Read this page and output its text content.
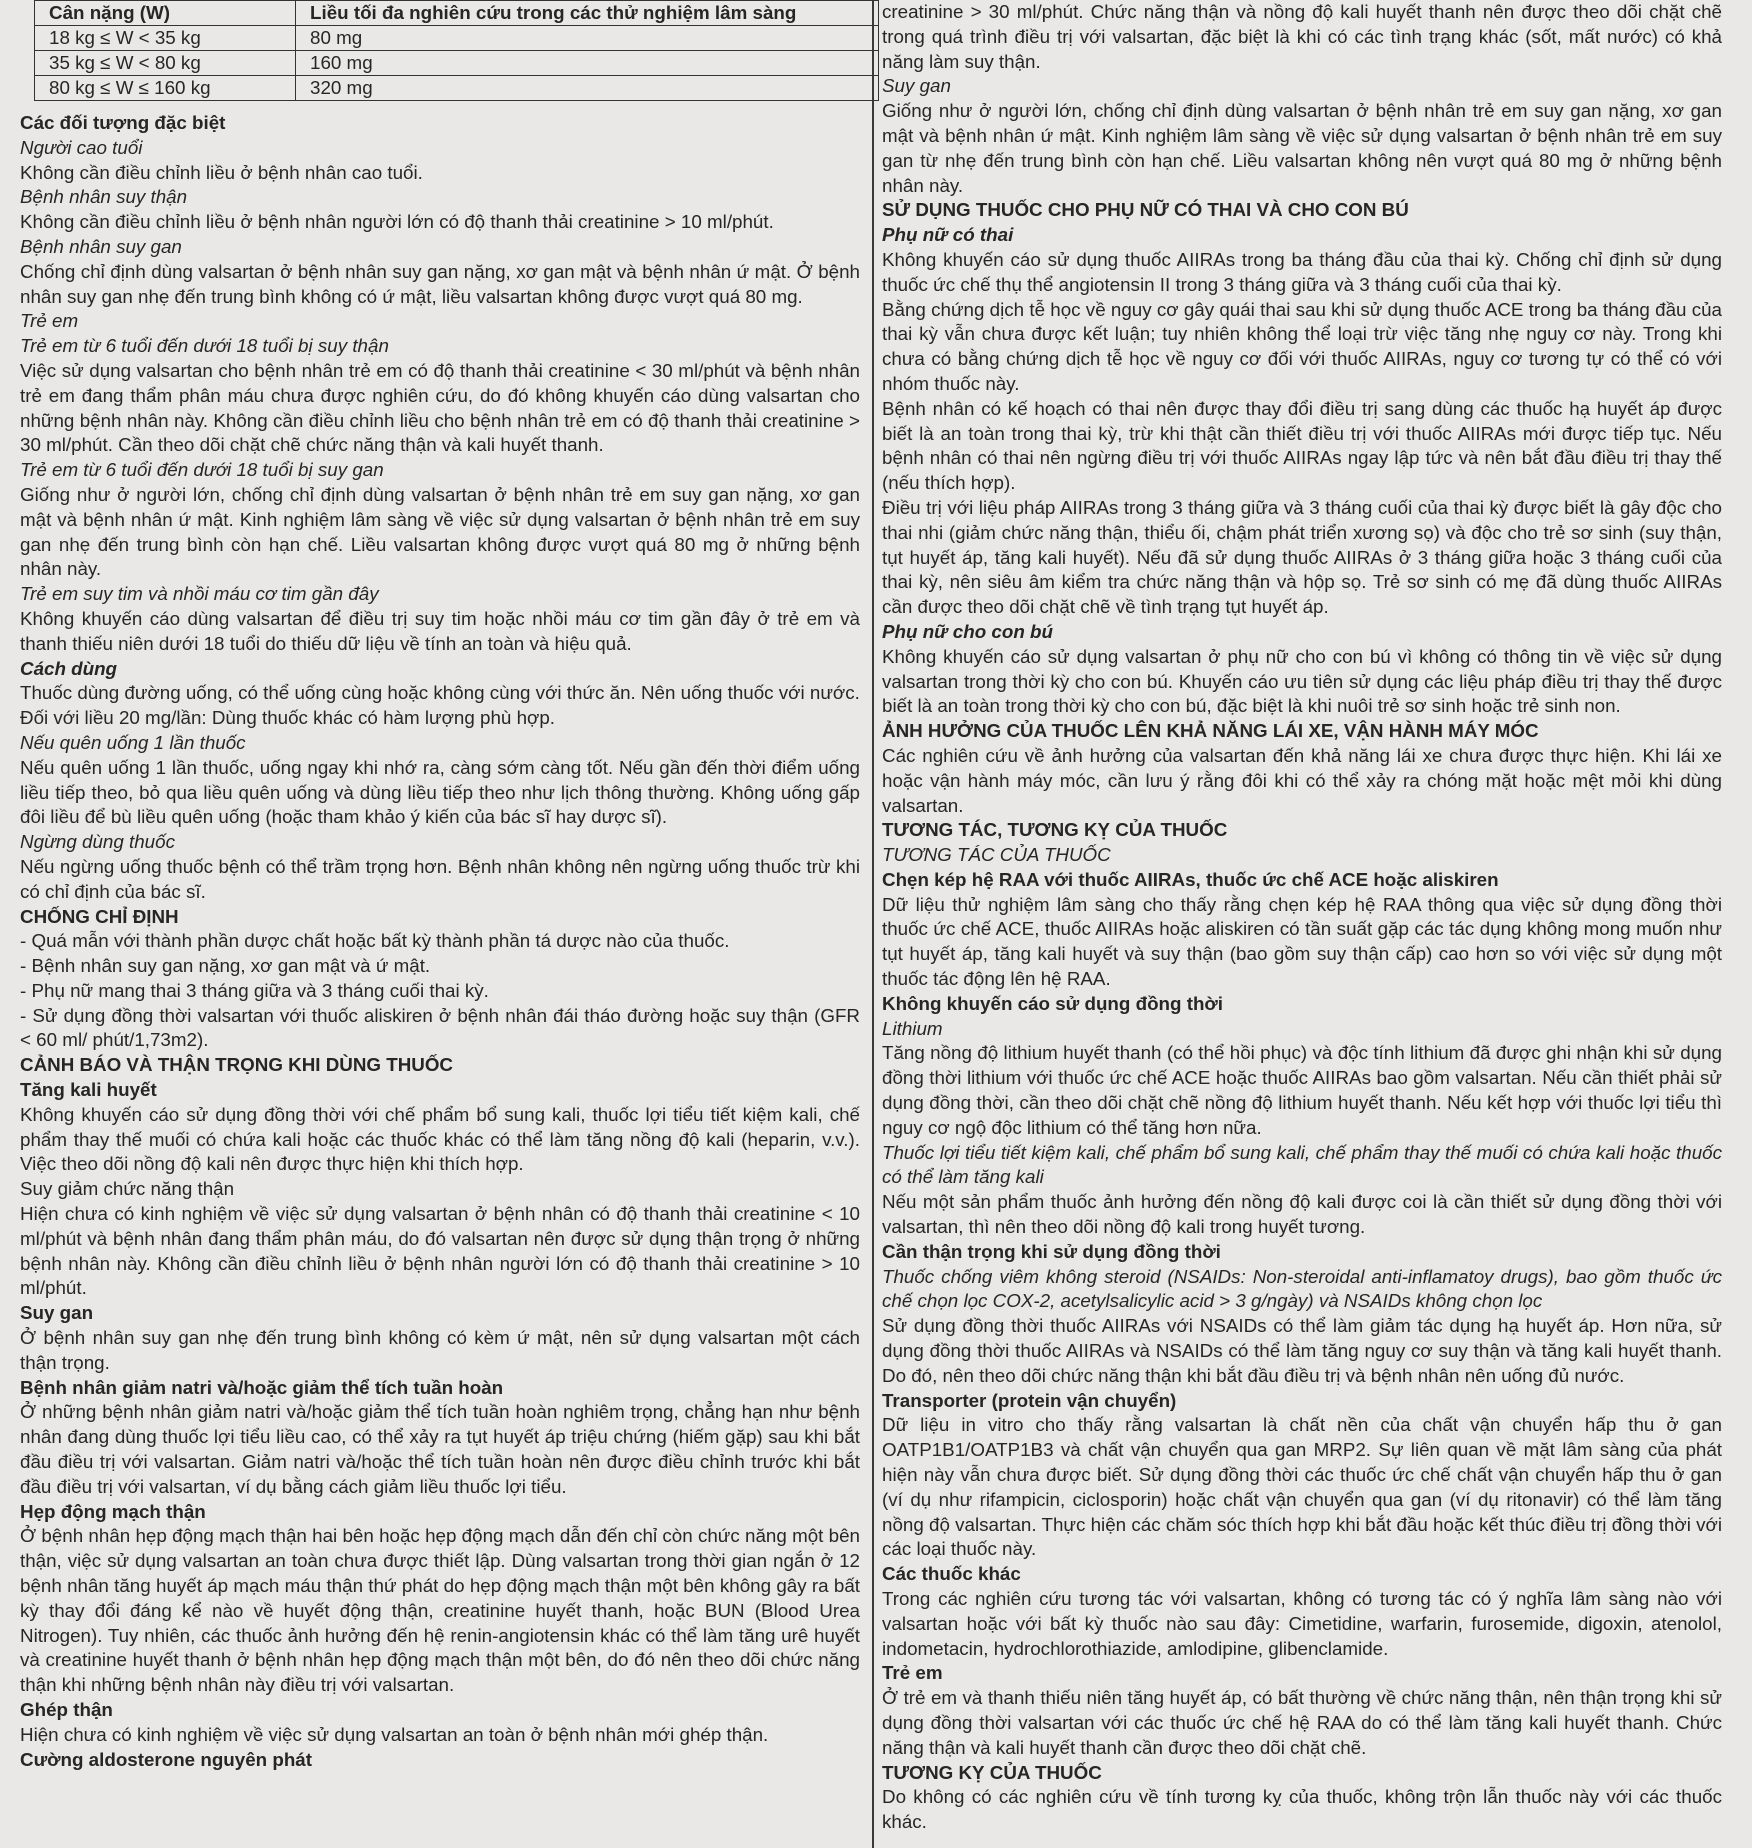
Cân nặng (W)	Liều tối đa nghiên cứu trong các thử nghiệm lâm sàng
18 kg ≤ W < 35 kg	80 mg
35 kg ≤ W < 80 kg	160 mg
80 kg ≤ W ≤ 160 kg	320 mg
Các đối tượng đặc biệt
Người cao tuổi

Không cần điều chỉnh liều ở bệnh nhân cao tuổi.

Bệnh nhân suy thận

Không cần điều chỉnh liều ở bệnh nhân người lớn có độ thanh thải creatinine > 10 ml/phút.

Bệnh nhân suy gan

Chống chỉ định dùng valsartan ở bệnh nhân suy gan nặng, xơ gan mật và bệnh nhân ứ mật. Ở bệnh nhân suy gan nhẹ đến trung bình không có ứ mật, liều valsartan không được vượt quá 80 mg.

Trẻ em
Trẻ em từ 6 tuổi đến dưới 18 tuổi bị suy thận

Việc sử dụng valsartan cho bệnh nhân trẻ em có độ thanh thải creatinine < 30 ml/phút và bệnh nhân trẻ em đang thẩm phân máu chưa được nghiên cứu, do đó không khuyến cáo dùng valsartan cho những bệnh nhân này. Không cần điều chỉnh liều cho bệnh nhân trẻ em có độ thanh thải creatinine > 30 ml/phút. Cần theo dõi chặt chẽ chức năng thận và kali huyết thanh.

Trẻ em từ 6 tuổi đến dưới 18 tuổi bị suy gan

Giống như ở người lớn, chống chỉ định dùng valsartan ở bệnh nhân trẻ em suy gan nặng, xơ gan mật và bệnh nhân ứ mật. Kinh nghiệm lâm sàng về việc sử dụng valsartan ở bệnh nhân trẻ em suy gan nhẹ đến trung bình còn hạn chế. Liều valsartan không được vượt quá 80 mg ở những bệnh nhân này.

Trẻ em suy tim và nhồi máu cơ tim gần đây

Không khuyến cáo dùng valsartan để điều trị suy tim hoặc nhồi máu cơ tim gần đây ở trẻ em và thanh thiếu niên dưới 18 tuổi do thiếu dữ liệu về tính an toàn và hiệu quả.

Cách dùng

Thuốc dùng đường uống, có thể uống cùng hoặc không cùng với thức ăn. Nên uống thuốc với nước.

Đối với liều 20 mg/lần: Dùng thuốc khác có hàm lượng phù hợp.

Nếu quên uống 1 lần thuốc

Nếu quên uống 1 lần thuốc, uống ngay khi nhớ ra, càng sớm càng tốt. Nếu gần đến thời điểm uống liều tiếp theo, bỏ qua liều quên uống và dùng liều tiếp theo như lịch thông thường. Không uống gấp đôi liều để bù liều quên uống (hoặc tham khảo ý kiến của bác sĩ hay dược sĩ).

Ngừng dùng thuốc

Nếu ngừng uống thuốc bệnh có thể trầm trọng hơn. Bệnh nhân không nên ngừng uống thuốc trừ khi có chỉ định của bác sĩ.

CHỐNG CHỈ ĐỊNH

- Quá mẫn với thành phần dược chất hoặc bất kỳ thành phần tá dược nào của thuốc.

- Bệnh nhân suy gan nặng, xơ gan mật và ứ mật.

- Phụ nữ mang thai 3 tháng giữa và 3 tháng cuối thai kỳ.

- Sử dụng đồng thời valsartan với thuốc aliskiren ở bệnh nhân đái tháo đường hoặc suy thận (GFR < 60 ml/ phút/1,73m2).

CẢNH BÁO VÀ THẬN TRỌNG KHI DÙNG THUỐC
Tăng kali huyết

Không khuyến cáo sử dụng đồng thời với chế phẩm bổ sung kali, thuốc lợi tiểu tiết kiệm kali, chế phẩm thay thế muối có chứa kali hoặc các thuốc khác có thể làm tăng nồng độ kali (heparin, v.v.). Việc theo dõi nồng độ kali nên được thực hiện khi thích hợp.

Suy giảm chức năng thận

Hiện chưa có kinh nghiệm về việc sử dụng valsartan ở bệnh nhân có độ thanh thải creatinine < 10 ml/phút và bệnh nhân đang thẩm phân máu, do đó valsartan nên được sử dụng thận trọng ở những bệnh nhân này. Không cần điều chỉnh liều ở bệnh nhân người lớn có độ thanh thải creatinine > 10 ml/phút.

Suy gan

Ở bệnh nhân suy gan nhẹ đến trung bình không có kèm ứ mật, nên sử dụng valsartan một cách thận trọng.

Bệnh nhân giảm natri và/hoặc giảm thể tích tuần hoàn

Ở những bệnh nhân giảm natri và/hoặc giảm thể tích tuần hoàn nghiêm trọng, chẳng hạn như bệnh nhân đang dùng thuốc lợi tiểu liều cao, có thể xảy ra tụt huyết áp triệu chứng (hiếm gặp) sau khi bắt đầu điều trị với valsartan. Giảm natri và/hoặc thể tích tuần hoàn nên được điều chỉnh trước khi bắt đầu điều trị với valsartan, ví dụ bằng cách giảm liều thuốc lợi tiểu.

Hẹp động mạch thận

Ở bệnh nhân hẹp động mạch thận hai bên hoặc hẹp động mạch dẫn đến chỉ còn chức năng một bên thận, việc sử dụng valsartan an toàn chưa được thiết lập. Dùng valsartan trong thời gian ngắn ở 12 bệnh nhân tăng huyết áp mạch máu thận thứ phát do hẹp động mạch thận một bên không gây ra bất kỳ thay đổi đáng kể nào về huyết động thận, creatinine huyết thanh, hoặc BUN (Blood Urea Nitrogen). Tuy nhiên, các thuốc ảnh hưởng đến hệ renin-angiotensin khác có thể làm tăng urê huyết và creatinine huyết thanh ở bệnh nhân hẹp động mạch thận một bên, do đó nên theo dõi chức năng thận khi những bệnh nhân này điều trị với valsartan.

Ghép thận

Hiện chưa có kinh nghiệm về việc sử dụng valsartan an toàn ở bệnh nhân mới ghép thận.

Cường aldosterone nguyên phát

creatinine > 30 ml/phút. Chức năng thận và nồng độ kali huyết thanh nên được theo dõi chặt chẽ trong quá trình điều trị với valsartan, đặc biệt là khi có các tình trạng khác (sốt, mất nước) có khả năng làm suy thận.

Suy gan

Giống như ở người lớn, chống chỉ định dùng valsartan ở bệnh nhân trẻ em suy gan nặng, xơ gan mật và bệnh nhân ứ mật. Kinh nghiệm lâm sàng về việc sử dụng valsartan ở bệnh nhân trẻ em suy gan từ nhẹ đến trung bình còn hạn chế. Liều valsartan không nên vượt quá 80 mg ở những bệnh nhân này.

SỬ DỤNG THUỐC CHO PHỤ NỮ CÓ THAI VÀ CHO CON BÚ
Phụ nữ có thai

Không khuyến cáo sử dụng thuốc AIIRAs trong ba tháng đầu của thai kỳ. Chống chỉ định sử dụng thuốc ức chế thụ thể angiotensin II trong 3 tháng giữa và 3 tháng cuối của thai kỳ.

Bằng chứng dịch tễ học về nguy cơ gây quái thai sau khi sử dụng thuốc ACE trong ba tháng đầu của thai kỳ vẫn chưa được kết luận; tuy nhiên không thể loại trừ việc tăng nhẹ nguy cơ này. Trong khi chưa có bằng chứng dịch tễ học về nguy cơ đối với thuốc AIIRAs, nguy cơ tương tự có thể có với nhóm thuốc này.

Bệnh nhân có kế hoạch có thai nên được thay đổi điều trị sang dùng các thuốc hạ huyết áp được biết là an toàn trong thai kỳ, trừ khi thật cần thiết điều trị với thuốc AIIRAs mới được tiếp tục. Nếu bệnh nhân có thai nên ngừng điều trị với thuốc AIIRAs ngay lập tức và nên bắt đầu điều trị thay thế (nếu thích hợp).

Điều trị với liệu pháp AIIRAs trong 3 tháng giữa và 3 tháng cuối của thai kỳ được biết là gây độc cho thai nhi (giảm chức năng thận, thiểu ối, chậm phát triển xương sọ) và độc cho trẻ sơ sinh (suy thận, tụt huyết áp, tăng kali huyết). Nếu đã sử dụng thuốc AIIRAs ở 3 tháng giữa hoặc 3 tháng cuối của thai kỳ, nên siêu âm kiểm tra chức năng thận và hộp sọ. Trẻ sơ sinh có mẹ đã dùng thuốc AIIRAs cần được theo dõi chặt chẽ về tình trạng tụt huyết áp.

Phụ nữ cho con bú

Không khuyến cáo sử dụng valsartan ở phụ nữ cho con bú vì không có thông tin về việc sử dụng valsartan trong thời kỳ cho con bú. Khuyến cáo ưu tiên sử dụng các liệu pháp điều trị thay thế được biết là an toàn trong thời kỳ cho con bú, đặc biệt là khi nuôi trẻ sơ sinh hoặc trẻ sinh non.

ẢNH HƯỞNG CỦA THUỐC LÊN KHẢ NĂNG LÁI XE, VẬN HÀNH MÁY MÓC

Các nghiên cứu về ảnh hưởng của valsartan đến khả năng lái xe chưa được thực hiện. Khi lái xe hoặc vận hành máy móc, cần lưu ý rằng đôi khi có thể xảy ra chóng mặt hoặc mệt mỏi khi dùng valsartan.

TƯƠNG TÁC, TƯƠNG KỴ CỦA THUỐC
TƯƠNG TÁC CỦA THUỐC
Chẹn kép hệ RAA với thuốc AIIRAs, thuốc ức chế ACE hoặc aliskiren

Dữ liệu thử nghiệm lâm sàng cho thấy rằng chẹn kép hệ RAA thông qua việc sử dụng đồng thời thuốc ức chế ACE, thuốc AIIRAs hoặc aliskiren có tần suất gặp các tác dụng không mong muốn như tụt huyết áp, tăng kali huyết và suy thận (bao gồm suy thận cấp) cao hơn so với việc sử dụng một thuốc tác động lên hệ RAA.

Không khuyến cáo sử dụng đồng thời
Lithium

Tăng nồng độ lithium huyết thanh (có thể hồi phục) và độc tính lithium đã được ghi nhận khi sử dụng đồng thời lithium với thuốc ức chế ACE hoặc thuốc AIIRAs bao gồm valsartan. Nếu cần thiết phải sử dụng đồng thời, cần theo dõi chặt chẽ nồng độ lithium huyết thanh. Nếu kết hợp với thuốc lợi tiểu thì nguy cơ ngộ độc lithium có thể tăng hơn nữa.

Thuốc lợi tiểu tiết kiệm kali, chế phẩm bổ sung kali, chế phẩm thay thế muối có chứa kali hoặc thuốc có thể làm tăng kali

Nếu một sản phẩm thuốc ảnh hưởng đến nồng độ kali được coi là cần thiết sử dụng đồng thời với valsartan, thì nên theo dõi nồng độ kali trong huyết tương.

Cần thận trọng khi sử dụng đồng thời
Thuốc chống viêm không steroid (NSAIDs: Non-steroidal anti-inflamatoy drugs), bao gồm thuốc ức chế chọn lọc COX-2, acetylsalicylic acid > 3 g/ngày) và NSAIDs không chọn lọc

Sử dụng đồng thời thuốc AIIRAs với NSAIDs có thể làm giảm tác dụng hạ huyết áp. Hơn nữa, sử dụng đồng thời thuốc AIIRAs và NSAIDs có thể làm tăng nguy cơ suy thận và tăng kali huyết thanh. Do đó, nên theo dõi chức năng thận khi bắt đầu điều trị và bệnh nhân nên uống đủ nước.

Transporter (protein vận chuyển)

Dữ liệu in vitro cho thấy rằng valsartan là chất nền của chất vận chuyển hấp thu ở gan OATP1B1/OATP1B3 và chất vận chuyển qua gan MRP2. Sự liên quan về mặt lâm sàng của phát hiện này vẫn chưa được biết. Sử dụng đồng thời các thuốc ức chế chất vận chuyển hấp thu ở gan (ví dụ như rifampicin, ciclosporin) hoặc chất vận chuyển qua gan (ví dụ ritonavir) có thể làm tăng nồng độ valsartan. Thực hiện các chăm sóc thích hợp khi bắt đầu hoặc kết thúc điều trị đồng thời với các loại thuốc này.

Các thuốc khác

Trong các nghiên cứu tương tác với valsartan, không có tương tác có ý nghĩa lâm sàng nào với valsartan hoặc với bất kỳ thuốc nào sau đây: Cimetidine, warfarin, furosemide, digoxin, atenolol, indometacin, hydrochlorothiazide, amlodipine, glibenclamide.

Trẻ em

Ở trẻ em và thanh thiếu niên tăng huyết áp, có bất thường về chức năng thận, nên thận trọng khi sử dụng đồng thời valsartan với các thuốc ức chế hệ RAA do có thể làm tăng kali huyết thanh. Chức năng thận và kali huyết thanh cần được theo dõi chặt chẽ.

TƯƠNG KỴ CỦA THUỐC

Do không có các nghiên cứu về tính tương kỵ của thuốc, không trộn lẫn thuốc này với các thuốc khác.
